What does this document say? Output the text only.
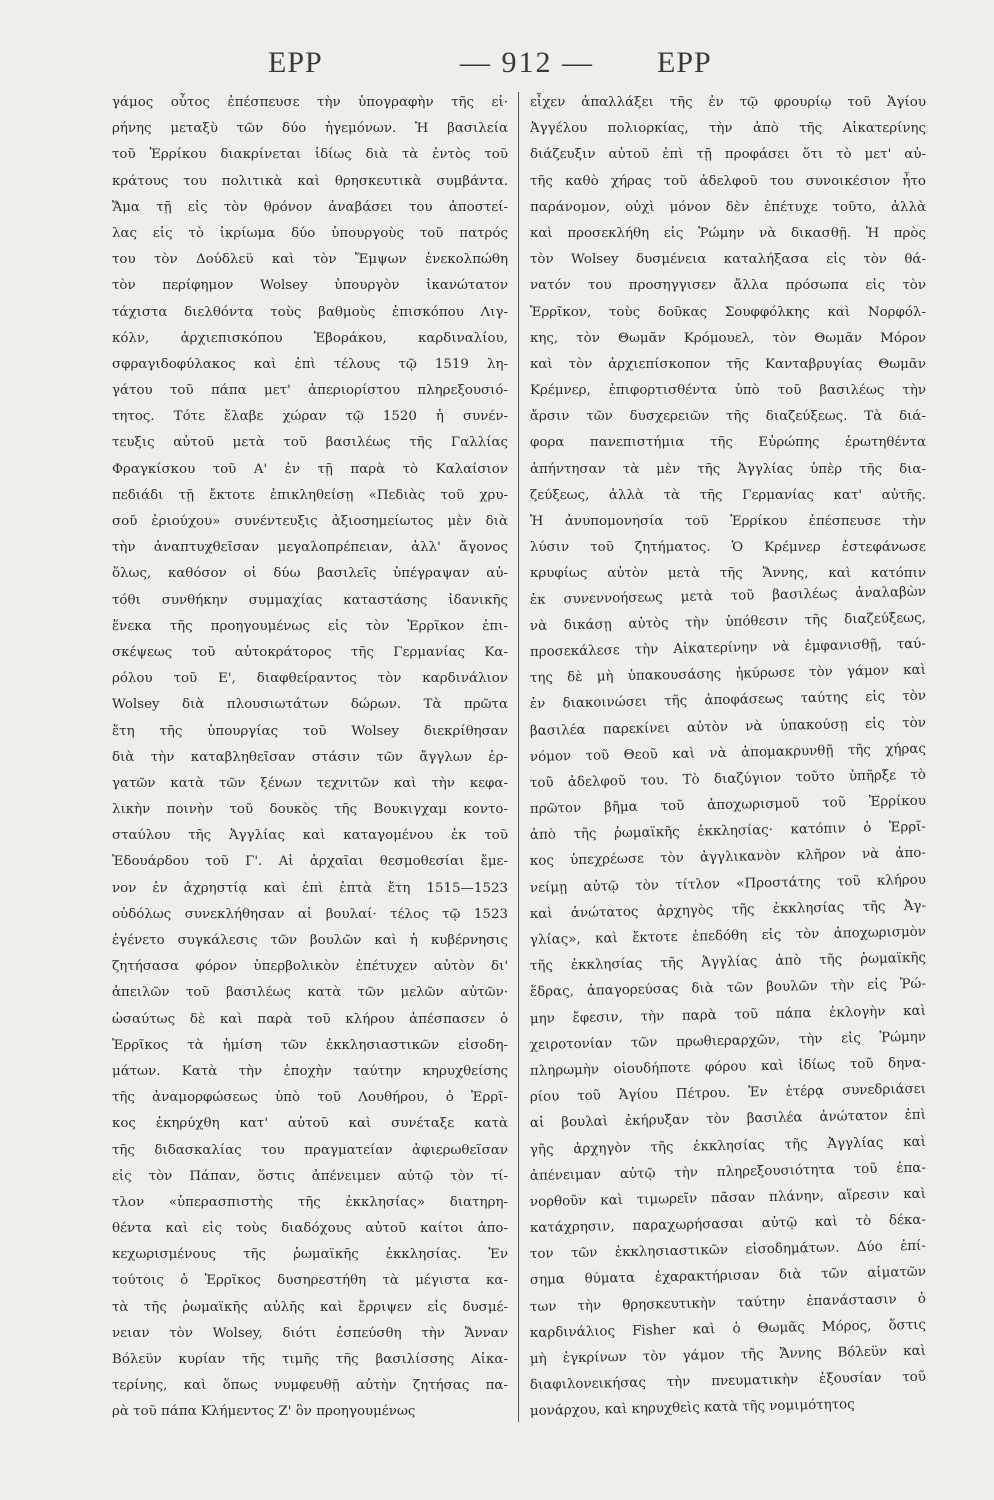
ΕΡΡ	— 912 — ΕΡΡ
γάμος οὗτος ἐπέσπευσε τὴν ὑπογραφὴν τῆς εἰ·
ρήνης μεταξὺ τῶν δύο ἡγεμόνων. Ἡ βασιλεία
τοῦ Ἐρρίκου διακρίνεται ἰδίως διὰ τὰ ἐντὸς τοῦ
κράτους του πολιτικὰ καὶ θρησκευτικὰ συμβάντα.
Ἅμα τῇ εἰς τὸν θρόνον ἀναβάσει του ἀποστεί-
λας εἰς τὸ ἰκρίωμα δύο ὑπουργοὺς τοῦ πατρός
του τὸν Δούδλεϋ καὶ τὸν Ἔμψων ἐνεκολπώθη
τὸν περίφημον Wolsey ὑπουργὸν ἱκανώτατον
τάχιστα διελθόντα τοὺς βαθμοὺς ἐπισκόπου Λιγ-
κόλν, ἀρχιεπισκόπου Ἐβοράκου, καρδιναλίου,
σφραγιδοφύλακος καὶ ἐπὶ τέλους τῷ 1519 λη-
γάτου τοῦ πάπα μετ' ἀπεριορίστου πληρεξουσιό-
τητος. Τότε ἔλαβε χώραν τῷ 1520 ἡ συνέν-
τευξις αὐτοῦ μετὰ τοῦ βασιλέως τῆς Γαλλίας
Φραγκίσκου τοῦ Α' ἐν τῇ παρὰ τὸ Καλαίσιον
πεδιάδι τῇ ἔκτοτε ἐπικληθείσῃ «Πεδιὰς τοῦ χρυ-
σοῦ ἐριούχου» συνέντευξις ἀξιοσημείωτος μὲν διὰ
τὴν ἀναπτυχθεῖσαν μεγαλοπρέπειαν, ἀλλ' ἄγονος
ὅλως, καθόσον οἱ δύω βασιλεῖς ὑπέγραψαν αὐ-
τόθι συνθήκην συμμαχίας καταστάσης ἰδανικῆς
ἕνεκα τῆς προηγουμένως εἰς τὸν Ἐρρῖκον ἐπι-
σκέψεως τοῦ αὐτοκράτορος τῆς Γερμανίας Κα-
ρόλου τοῦ Ε', διαφθείραντος τὸν καρδινάλιον
Wolsey διὰ πλουσιωτάτων δώρων. Τὰ πρῶτα
ἔτη τῆς ὑπουργίας τοῦ Wolsey διεκρίθησαν
διὰ τὴν καταβληθεῖσαν στάσιν τῶν ἄγγλων ἐρ-
γατῶν κατὰ τῶν ξένων τεχνιτῶν καὶ τὴν κεφα-
λικὴν ποινὴν τοῦ δουκὸς τῆς Βουκιγχαμ κοντο-
σταύλου τῆς Ἀγγλίας καὶ καταγομένου ἐκ τοῦ
Ἐδουάρδου τοῦ Γ'. Αἱ ἀρχαῖαι θεσμοθεσίαι ἔμε-
νον ἐν ἀχρηστίᾳ καὶ ἐπὶ ἑπτὰ ἔτη 1515—1523
οὐδόλως συνεκλήθησαν αἱ βουλαί· τέλος τῷ 1523
ἐγένετο συγκάλεσις τῶν βουλῶν καὶ ἡ κυβέρνησις
ζητήσασα φόρον ὑπερβολικὸν ἐπέτυχεν αὐτὸν δι'
ἀπειλῶν τοῦ βασιλέως κατὰ τῶν μελῶν αὐτῶν·
ὡσαύτως δὲ καὶ παρὰ τοῦ κλήρου ἀπέσπασεν ὁ
Ἐρρῖκος τὰ ἡμίση τῶν ἐκκλησιαστικῶν εἰσοδη-
μάτων. Κατὰ τὴν ἐποχὴν ταύτην κηρυχθείσης
τῆς ἀναμορφώσεως ὑπὸ τοῦ Λουθήρου, ὁ Ἐρρῖ-
κος ἐκηρύχθη κατ' αὐτοῦ καὶ συνέταξε κατὰ
τῆς διδασκαλίας του πραγματείαν ἀφιερωθεῖσαν
εἰς τὸν Πάπαν, ὅστις ἀπένειμεν αὐτῷ τὸν τί-
τλον «ὑπερασπιστὴς τῆς ἐκκλησίας» διατηρη-
θέντα καὶ εἰς τοὺς διαδόχους αὐτοῦ καίτοι ἀπο-
κεχωρισμένους τῆς ῥωμαϊκῆς ἐκκλησίας. Ἐν
τούτοις ὁ Ἐρρῖκος δυσηρεστήθη τὰ μέγιστα κα-
τὰ τῆς ῥωμαϊκῆς αὐλῆς καὶ ἔρριψεν εἰς δυσμέ-
νειαν τὸν Wolsey, διότι ἐσπεύσθη τὴν Ἄνναν
Βόλεϋν κυρίαν τῆς τιμῆς τῆς βασιλίσσης Αἰκα-
τερίνης, καὶ ὅπως νυμφευθῇ αὐτὴν ζητήσας πα-
ρὰ τοῦ πάπα Κλήμεντος Ζ' ὃν προηγουμένως
εἶχεν ἀπαλλάξει τῆς ἐν τῷ φρουρίῳ τοῦ Ἁγίου
Ἀγγέλου πολιορκίας, τὴν ἀπὸ τῆς Αἰκατερίνης
διάζευξιν αὐτοῦ ἐπὶ τῇ προφάσει ὅτι τὸ μετ' αὐ-
τῆς καθὸ χήρας τοῦ ἀδελφοῦ του συνοικέσιον ἦτο
παράνομον, οὐχὶ μόνον δὲν ἐπέτυχε τοῦτο, ἀλλὰ
καὶ προσεκλήθη εἰς Ῥώμην νὰ δικασθῇ. Ἡ πρὸς
τὸν Wolsey δυσμένεια καταλήξασα εἰς τὸν θά-
νατόν του προσηγγισεν ἄλλα πρόσωπα εἰς τὸν
Ἐρρῖκον, τοὺς δοῦκας Σουφφόλκης καὶ Νορφόλ-
κης, τὸν Θωμᾶν Κρόμουελ, τὸν Θωμᾶν Μόρον
καὶ τὸν ἀρχιεπίσκοπον τῆς Κανταβρυγίας Θωμᾶν
Κρέμνερ, ἐπιφορτισθέντα ὑπὸ τοῦ βασιλέως τὴν
ἄρσιν τῶν δυσχερειῶν τῆς διαζεύξεως. Τὰ διά-
φορα πανεπιστήμια τῆς Εὐρώπης ἐρωτηθέντα
ἀπήντησαν τὰ μὲν τῆς Ἀγγλίας ὑπὲρ τῆς δια-
ζεύξεως, ἀλλὰ τὰ τῆς Γερμανίας κατ' αὐτῆς.
Ἡ ἀνυπομονησία τοῦ Ἐρρίκου ἐπέσπευσε τὴν
λύσιν τοῦ ζητήματος. Ὁ Κρέμνερ ἐστεφάνωσε
κρυφίως αὐτὸν μετὰ τῆς Ἄννης, καὶ κατόπιν
ἐκ συνεννοήσεως μετὰ τοῦ βασιλέως ἀναλαβὼν
νὰ δικάσῃ αὐτὸς τὴν ὑπόθεσιν τῆς διαζεύξεως,
προσεκάλεσε τὴν Αἰκατερίνην νὰ ἐμφανισθῇ, ταύ-
της δὲ μὴ ὑπακουσάσης ἠκύρωσε τὸν γάμον καὶ
ἐν διακοινώσει τῆς ἀποφάσεως ταύτης εἰς τὸν
βασιλέα παρεκίνει αὐτὸν νὰ ὑπακούσῃ εἰς τὸν
νόμον τοῦ Θεοῦ καὶ νὰ ἀπομακρυνθῇ τῆς χήρας
τοῦ ἀδελφοῦ του. Τὸ διαζύγιον τοῦτο ὑπῆρξε τὸ
πρῶτον βῆμα τοῦ ἀποχωρισμοῦ τοῦ Ἐρρίκου
ἀπὸ τῆς ῥωμαϊκῆς ἐκκλησίας· κατόπιν ὁ Ἐρρῖ-
κος ὑπεχρέωσε τὸν ἀγγλικανὸν κλῆρον νὰ ἀπο-
νείμῃ αὐτῷ τὸν τίτλον «Προστάτης τοῦ κλήρου
καὶ ἀνώτατος ἀρχηγὸς τῆς ἐκκλησίας τῆς Ἀγ-
γλίας», καὶ ἔκτοτε ἐπεδόθη εἰς τὸν ἀποχωρισμὸν
τῆς ἐκκλησίας τῆς Ἀγγλίας ἀπὸ τῆς ῥωμαϊκῆς
ἕδρας, ἀπαγορεύσας διὰ τῶν βουλῶν τὴν εἰς Ῥώ-
μην ἔφεσιν, τὴν παρὰ τοῦ πάπα ἐκλογὴν καὶ
χειροτονίαν τῶν πρωθιεραρχῶν, τὴν εἰς Ῥώμην
πληρωμὴν οἱουδήποτε φόρου καὶ ἰδίως τοῦ δηνα-
ρίου τοῦ Ἁγίου Πέτρου. Ἐν ἑτέρᾳ συνεδριάσει
αἱ βουλαὶ ἐκήρυξαν τὸν βασιλέα ἀνώτατον ἐπὶ
γῆς ἀρχηγὸν τῆς ἐκκλησίας τῆς Ἀγγλίας καὶ
ἀπένειμαν αὐτῷ τὴν πληρεξουσιότητα τοῦ ἐπα-
νορθοῦν καὶ τιμωρεῖν πᾶσαν πλάνην, αἵρεσιν καὶ
κατάχρησιν, παραχωρήσασαι αὐτῷ καὶ τὸ δέκα-
τον τῶν ἐκκλησιαστικῶν εἰσοδημάτων. Δύο ἐπί-
σημα θύματα ἐχαρακτήρισαν διὰ τῶν αἱματῶν
των τὴν θρησκευτικὴν ταύτην ἐπανάστασιν ὁ
καρδινάλιος Fisher καὶ ὁ Θωμᾶς Μόρος, ὅστις
μὴ ἐγκρίνων τὸν γάμον τῆς Ἄννης Βόλεϋν καὶ
διαφιλονεικήσας τὴν πνευματικὴν ἐξουσίαν τοῦ
μονάρχου, καὶ κηρυχθεὶς κατὰ τῆς νομιμότητος
